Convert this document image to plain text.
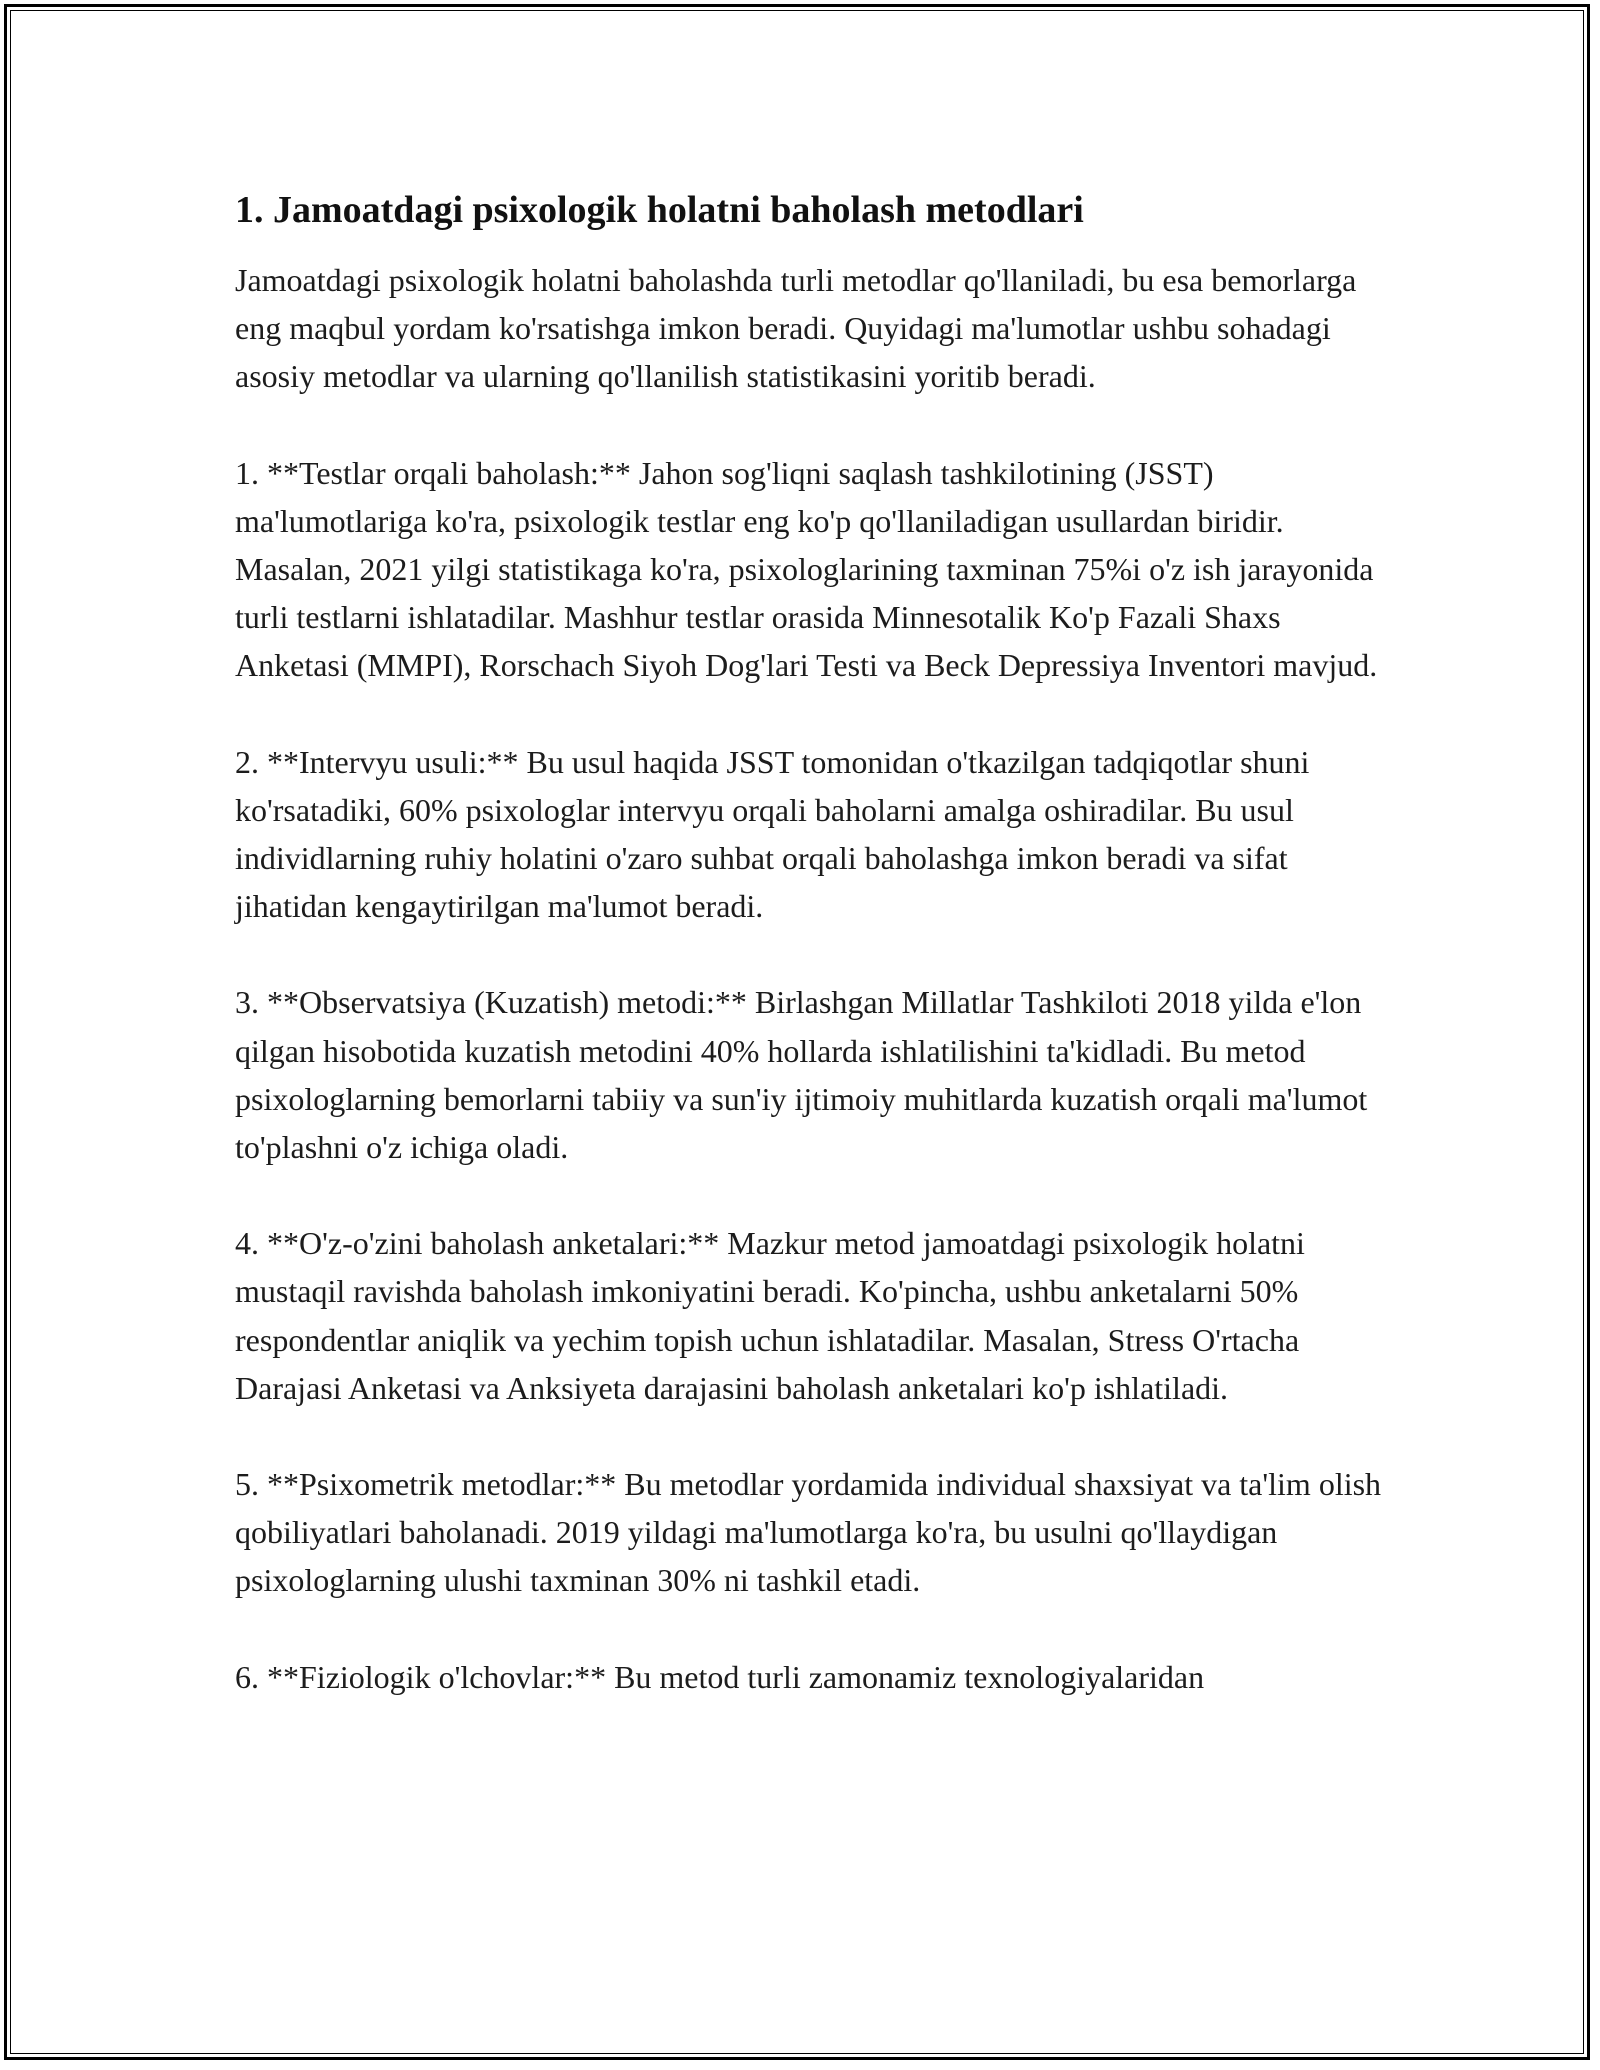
1. Jamoatdagi psixologik holatni baholash metodlari

Jamoatdagi psixologik holatni baholashda turli metodlar qo'llaniladi, bu esa bemorlarga eng maqbul yordam ko'rsatishga imkon beradi. Quyidagi ma'lumotlar ushbu sohadagi asosiy metodlar va ularning qo'llanilish statistikasini yoritib beradi.

1. **Testlar orqali baholash:** Jahon sog'liqni saqlash tashkilotining (JSST) ma'lumotlariga ko'ra, psixologik testlar eng ko'p qo'llaniladigan usullardan biridir. Masalan, 2021 yilgi statistikaga ko'ra, psixologlarining taxminan 75%i o'z ish jarayonida turli testlarni ishlatadilar. Mashhur testlar orasida Minnesotalik Ko'p Fazali Shaxs Anketasi (MMPI), Rorschach Siyoh Dog'lari Testi va Beck Depressiya Inventori mavjud.

2. **Intervyu usuli:** Bu usul haqida JSST tomonidan o'tkazilgan tadqiqotlar shuni ko'rsatadiki, 60% psixologlar intervyu orqali baholarni amalga oshiradilar. Bu usul individlarning ruhiy holatini o'zaro suhbat orqali baholashga imkon beradi va sifat jihatidan kengaytirilgan ma'lumot beradi.

3. **Observatsiya (Kuzatish) metodi:** Birlashgan Millatlar Tashkiloti 2018 yilda e'lon qilgan hisobotida kuzatish metodini 40% hollarda ishlatilishini ta'kidladi. Bu metod psixologlarning bemorlarni tabiiy va sun'iy ijtimoiy muhitlarda kuzatish orqali ma'lumot to'plashni o'z ichiga oladi.

4. **O'z-o'zini baholash anketalari:** Mazkur metod jamoatdagi psixologik holatni mustaqil ravishda baholash imkoniyatini beradi. Ko'pincha, ushbu anketalarni 50% respondentlar aniqlik va yechim topish uchun ishlatadilar. Masalan, Stress O'rtacha Darajasi Anketasi va Anksiyeta darajasini baholash anketalari ko'p ishlatiladi.

5. **Psixometrik metodlar:** Bu metodlar yordamida individual shaxsiyat va ta'lim olish qobiliyatlari baholanadi. 2019 yildagi ma'lumotlarga ko'ra, bu usulni qo'llaydigan psixologlarning ulushi taxminan 30% ni tashkil etadi.

6. **Fiziologik o'lchovlar:** Bu metod turli zamonamiz texnologiyalaridan
